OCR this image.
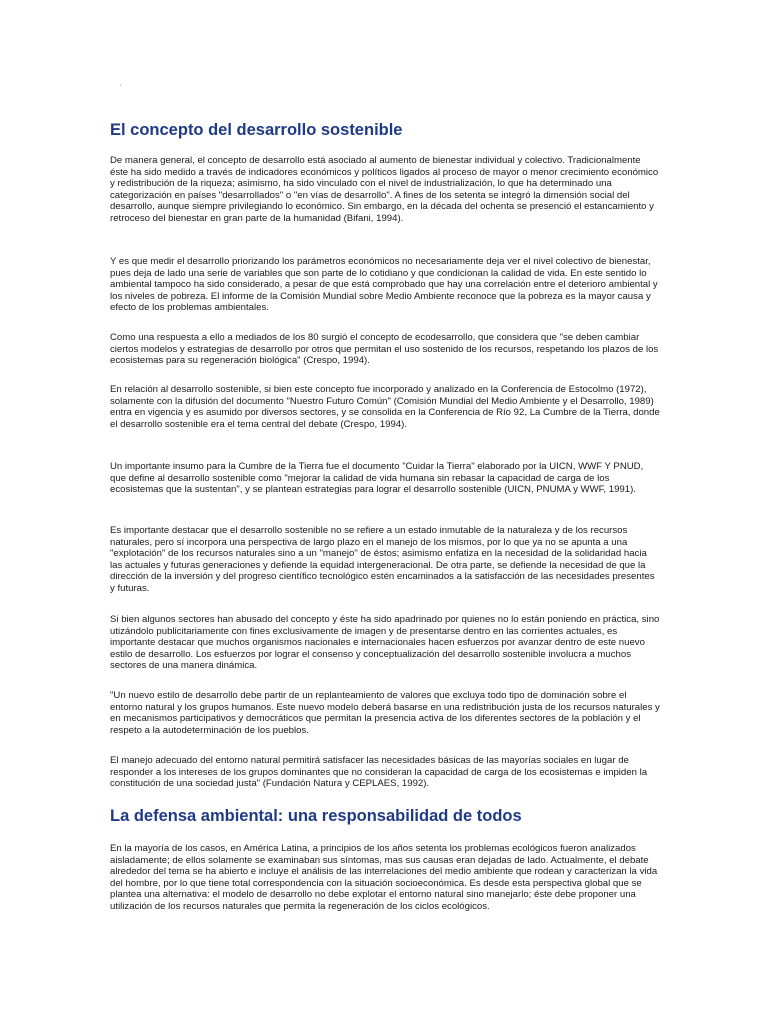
El concepto del desarrollo sostenible

De manera general, el concepto de desarrollo está asociado al aumento de bienestar individual y colectivo. Tradicionalmente éste ha sido medido a través de indicadores económicos y políticos ligados al proceso de mayor o menor crecimiento económico y redistribución de la riqueza; asimismo, ha sido vinculado con el nivel de industrialización, lo que ha determinado una categorización en países "desarrollados" o "en vías de desarrollo". A fines de los setenta se integró la dimensión social del desarrollo, aunque siempre privilegiando lo económico. Sin embargo, en la década del ochenta se presenció el estancamiento y retroceso del bienestar en gran parte de la humanidad (Bifani, 1994).

Y es que medir el desarrollo priorizando los parámetros económicos no necesariamente deja ver el nivel colectivo de bienestar, pues deja de lado una serie de variables que son parte de lo cotidiano y que condicionan la calidad de vida. En este sentido lo ambiental tampoco ha sido considerado, a pesar de que está comprobado que hay una correlación entre el deterioro ambiental y los niveles de pobreza. El informe de la Comisión Mundial sobre Medio Ambiente reconoce que la pobreza es la mayor causa y efecto de los problemas ambientales.

Como una respuesta a ello a mediados de los 80 surgió el concepto de ecodesarrollo, que considera que "se deben cambiar ciertos modelos y estrategias de desarrollo por otros que permitan el uso sostenido de los recursos, respetando los plazos de los ecosistemas para su regeneración biológica" (Crespo, 1994).

En relación al desarrollo sostenible, si bien este concepto fue incorporado y analizado en la Conferencia de Estocolmo (1972), solamente con la difusión del documento "Nuestro Futuro Común" (Comisión Mundial del Medio Ambiente y el Desarrollo, 1989) entra en vigencia y es asumido por diversos sectores, y se consolida en la Conferencia de Río 92, La Cumbre de la Tierra, donde el desarrollo sostenible era el tema central del debate (Crespo, 1994).

Un importante insumo para la Cumbre de la Tierra fue el documento "Cuidar la Tierra" elaborado por la UICN, WWF Y PNUD, que define al desarrollo sostenible como "mejorar la calidad de vida humana sin rebasar la capacidad de carga de los ecosistemas que la sustentan", y se plantean estrategias para lograr el desarrollo sostenible (UICN, PNUMA y WWF, 1991).

Es importante destacar que el desarrollo sostenible no se refiere a un estado inmutable de la naturaleza y de los recursos naturales, pero sí incorpora una perspectiva de largo plazo en el manejo de los mismos, por lo que ya no se apunta a una "explotación" de los recursos naturales sino a un "manejo" de éstos; asimismo enfatiza en la necesidad de la solidaridad hacia las actuales y futuras generaciones y defiende la equidad intergeneracional. De otra parte, se defiende la necesidad de que la dirección de la inversión y del progreso científico tecnológico estén encaminados a la satisfacción de las necesidades presentes y futuras.

Si bien algunos sectores han abusado del concepto y éste ha sido apadrinado por quienes no lo están poniendo en práctica, sino utizándolo publicitariamente con fines exclusivamente de imagen y de presentarse dentro en las corrientes actuales, es importante destacar que muchos organismos nacionales e internacionales hacen esfuerzos por avanzar dentro de este nuevo estilo de desarrollo. Los esfuerzos por lograr el consenso y conceptualización del desarrollo sostenible involucra a muchos sectores de una manera dinámica.

"Un nuevo estilo de desarrollo debe partir de un replanteamiento de valores que excluya todo tipo de dominación sobre el entorno natural y los grupos humanos. Este nuevo modelo deberá basarse en una redistribución justa de los recursos naturales y en mecanismos participativos y democráticos que permitan la presencia activa de los diferentes sectores de la población y el respeto a la autodeterminación de los pueblos.

El manejo adecuado del entorno natural permitirá satisfacer las necesidades básicas de las mayorías sociales en lugar de responder a los intereses de los grupos dominantes que no consideran la capacidad de carga de los ecosistemas e impiden la constitución de una sociedad justa" (Fundación Natura y CEPLAES, 1992).

La defensa ambiental: una responsabilidad de todos

En la mayoría de los casos, en América Latina, a principios de los años setenta los problemas ecológicos fueron analizados aisladamente; de ellos solamente se examinaban sus síntomas, mas sus causas eran dejadas de lado. Actualmente, el debate alrededor del tema se ha abierto e incluye el análisis de las interrelaciones del medio ambiente que rodean y caracterizan la vida del hombre, por lo que tiene total correspondencia con la situación socioeconómica. Es desde esta perspectiva global que se plantea una alternativa: el modelo de desarrollo no debe explotar el entorno natural sino manejarlo; éste debe proponer una utilización de los recursos naturales que permita la regeneración de los ciclos ecológicos.
